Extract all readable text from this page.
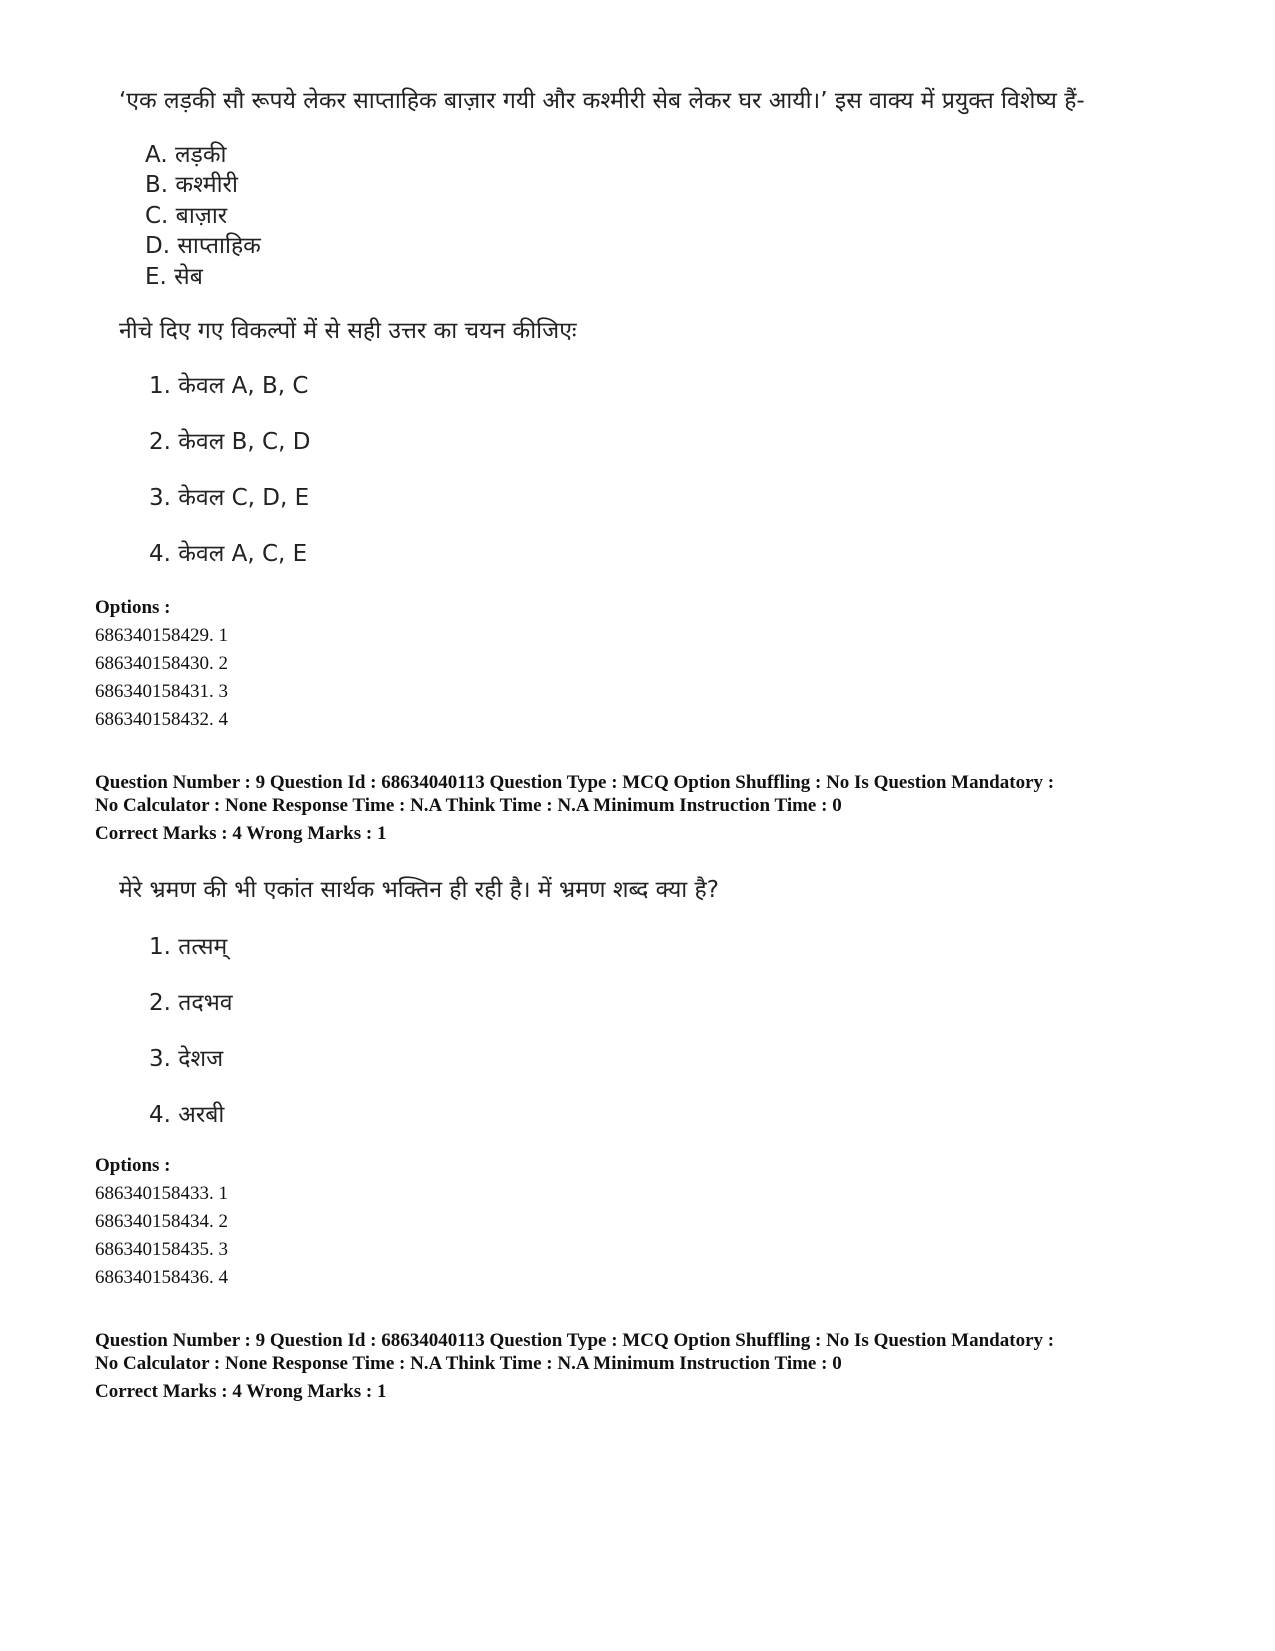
‘एक लड़की सौ रूपये लेकर साप्ताहिक बाज़ार गयी और कश्मीरी सेब लेकर घर आयी।’ इस वाक्य में प्रयुक्त विशेष्य हैं-
A. लड़की
B. कश्मीरी
C. बाज़ार
D. साप्ताहिक
E. सेब
नीचे दिए गए विकल्पों में से सही उत्तर का चयन कीजिएः
1. केवल A, B, C
2. केवल B, C, D
3. केवल C, D, E
4. केवल A, C, E
Options :
686340158429. 1
686340158430. 2
686340158431. 3
686340158432. 4
Question Number : 9 Question Id : 68634040113 Question Type : MCQ Option Shuffling : No Is Question Mandatory :
No Calculator : None Response Time : N.A Think Time : N.A Minimum Instruction Time : 0
Correct Marks : 4 Wrong Marks : 1
मेरे भ्रमण की भी एकांत सार्थक भक्तिन ही रही है। में भ्रमण शब्द क्या है?
1. तत्सम्
2. तदभव
3. देशज
4. अरबी
Options :
686340158433. 1
686340158434. 2
686340158435. 3
686340158436. 4
Question Number : 9 Question Id : 68634040113 Question Type : MCQ Option Shuffling : No Is Question Mandatory :
No Calculator : None Response Time : N.A Think Time : N.A Minimum Instruction Time : 0
Correct Marks : 4 Wrong Marks : 1
